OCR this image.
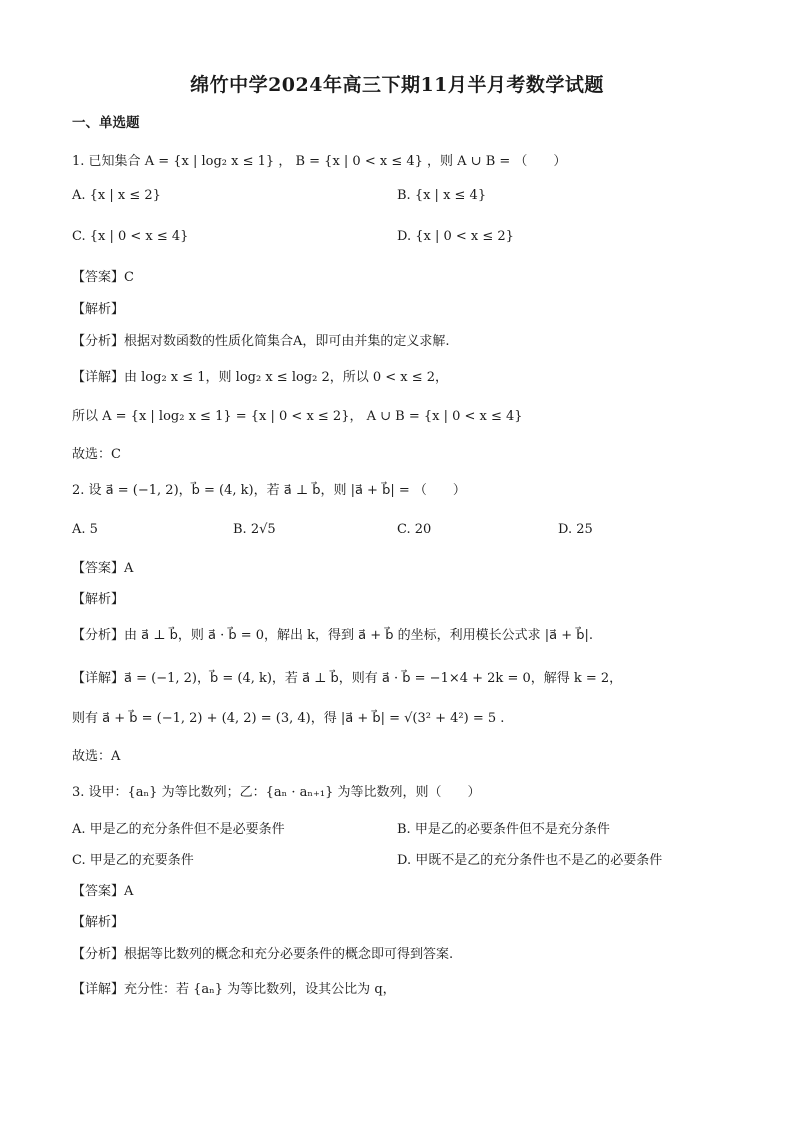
绵竹中学2024年高三下期11月半月考数学试题
一、单选题
1. 已知集合 A = {x | log₂ x ≤ 1} ， B = {x | 0 < x ≤ 4} ，则 A ∪ B = （　　）
A. {x | x ≤ 2}	B. {x | x ≤ 4}
C. {x | 0 < x ≤ 4}	D. {x | 0 < x ≤ 2}
【答案】C
【解析】
【分析】根据对数函数的性质化简集合A，即可由并集的定义求解.
【详解】由 log₂ x ≤ 1，则 log₂ x ≤ log₂ 2，所以 0 < x ≤ 2，
所以 A = {x | log₂ x ≤ 1} = {x | 0 < x ≤ 2}， A ∪ B = {x | 0 < x ≤ 4}
故选：C
2. 设 a⃗ = (−1, 2)，b⃗ = (4, k)，若 a⃗ ⊥ b⃗，则 |a⃗ + b⃗| = （　　）
A. 5	B. 2√5	C. 20	D. 25
【答案】A
【解析】
【分析】由 a⃗ ⊥ b⃗，则 a⃗ · b⃗ = 0，解出 k，得到 a⃗ + b⃗ 的坐标，利用模长公式求 |a⃗ + b⃗|.
【详解】a⃗ = (−1, 2)，b⃗ = (4, k)，若 a⃗ ⊥ b⃗，则有 a⃗ · b⃗ = −1×4 + 2k = 0，解得 k = 2，
则有 a⃗ + b⃗ = (−1, 2) + (4, 2) = (3, 4)，得 |a⃗ + b⃗| = √(3² + 4²) = 5 .
故选：A
3. 设甲：{aₙ} 为等比数列；乙：{aₙ · aₙ₊₁} 为等比数列，则（　　）
A. 甲是乙的充分条件但不是必要条件	B. 甲是乙的必要条件但不是充分条件
C. 甲是乙的充要条件	D. 甲既不是乙的充分条件也不是乙的必要条件
【答案】A
【解析】
【分析】根据等比数列的概念和充分必要条件的概念即可得到答案.
【详解】充分性：若 {aₙ} 为等比数列，设其公比为 q，
